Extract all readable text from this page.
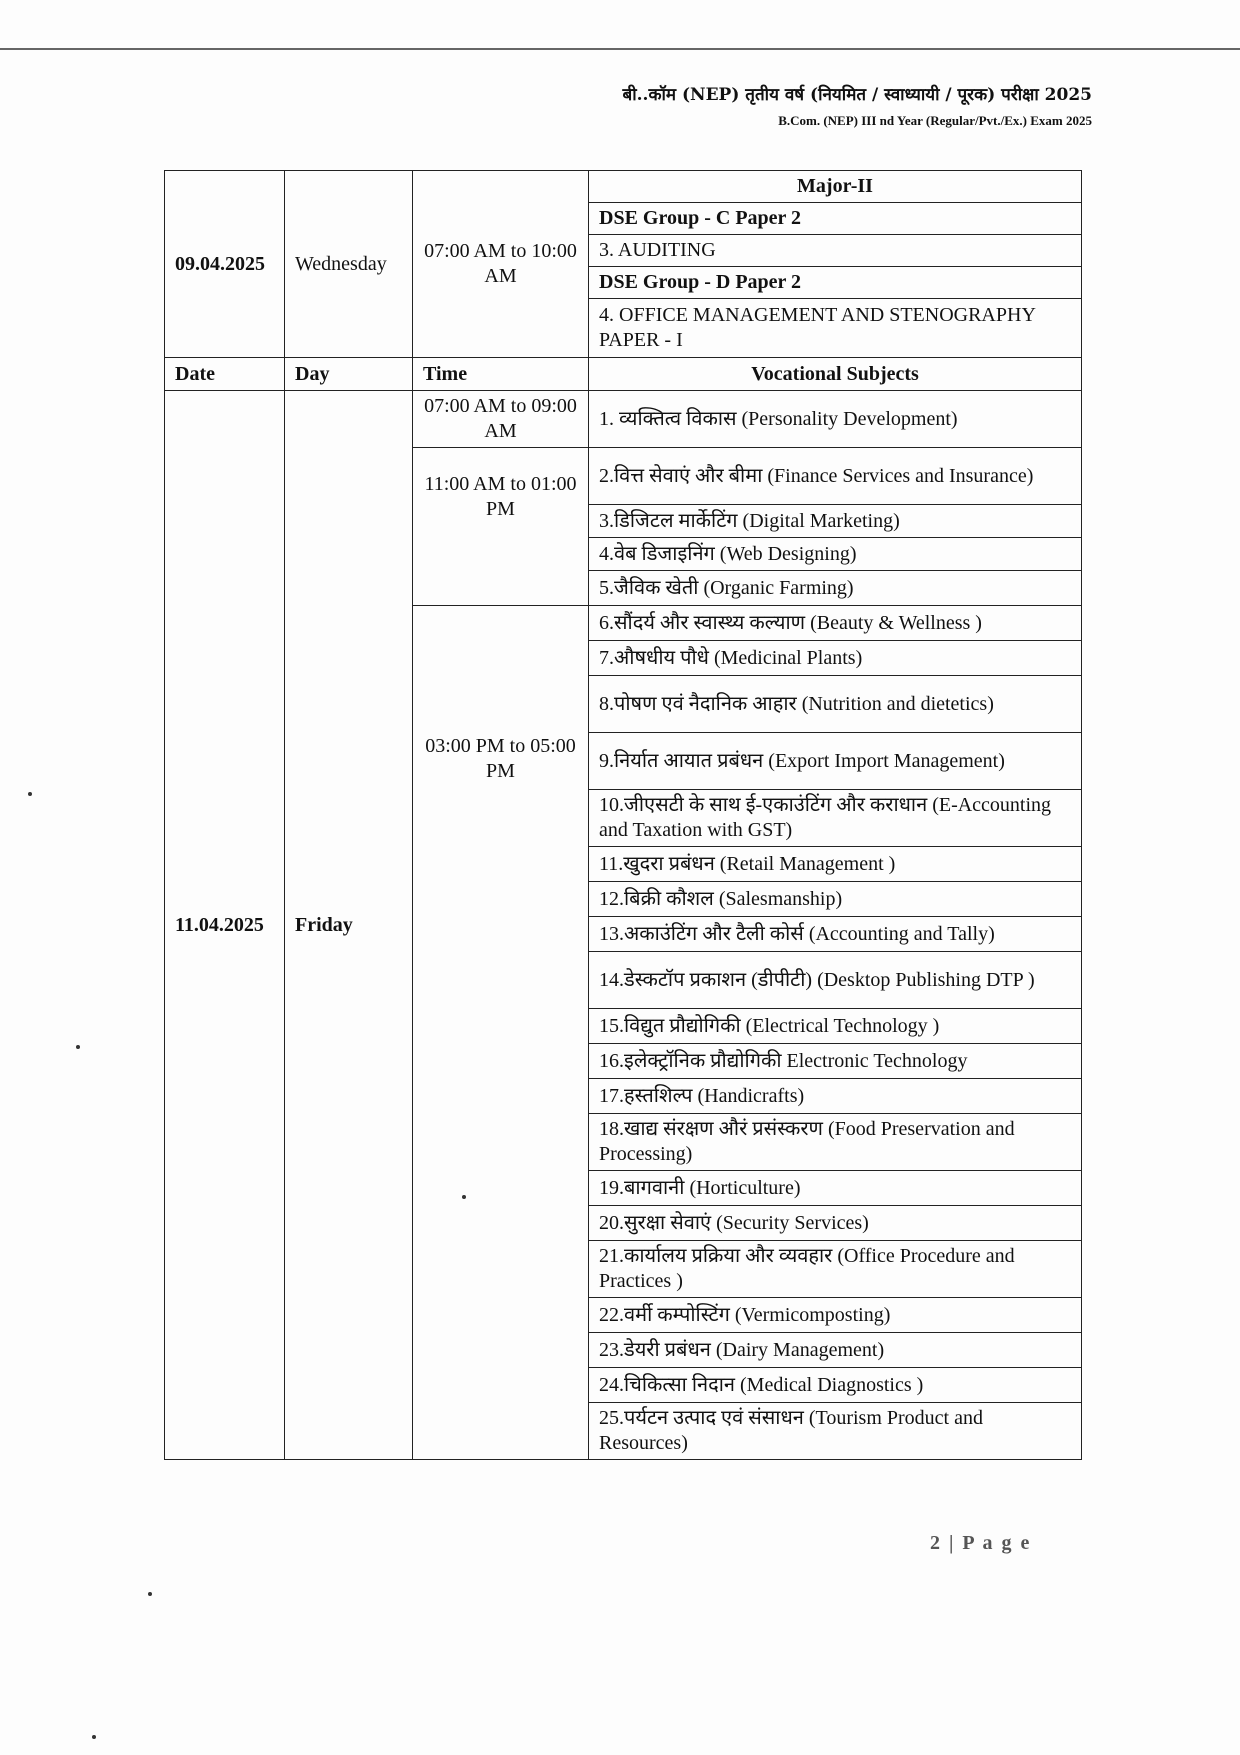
बी..कॉम (NEP) तृतीय वर्ष (नियमित / स्वाध्यायी / पूरक) परीक्षा 2025
B.Com. (NEP) III nd Year (Regular/Pvt./Ex.) Exam 2025
09.04.2025	Wednesday	07:00 AM to 10:00 AM	Major-II
			DSE Group - C Paper 2
			3. AUDITING
			DSE Group - D Paper 2
			4. OFFICE MANAGEMENT AND STENOGRAPHY PAPER - I
Date	Day	Time	Vocational Subjects
11.04.2025	Friday	07:00 AM to 09:00 AM	1. व्यक्तित्व विकास (Personality Development)
		11:00 AM to 01:00 PM	2.वित्त सेवाएं और बीमा (Finance Services and Insurance)
			3.डिजिटल मार्केटिंग (Digital Marketing)
			4.वेब डिजाइनिंग (Web Designing)
			5.जैविक खेती (Organic Farming)
		03:00 PM to 05:00 PM	6.सौंदर्य और स्वास्थ्य कल्याण (Beauty & Wellness )
			7.औषधीय पौधे (Medicinal Plants)
			8.पोषण एवं नैदानिक आहार (Nutrition and dietetics)
			9.निर्यात आयात प्रबंधन (Export Import Management)
			10.जीएसटी के साथ ई-एकाउंटिंग और कराधान (E-Accounting and Taxation with GST)
			11.खुदरा प्रबंधन (Retail Management )
			12.बिक्री कौशल (Salesmanship)
			13.अकाउंटिंग और टैली कोर्स (Accounting and Tally)
			14.डेस्कटॉप प्रकाशन (डीपीटी) (Desktop Publishing DTP )
			15.विद्युत प्रौद्योगिकी (Electrical Technology )
			16.इलेक्ट्रॉनिक प्रौद्योगिकी Electronic Technology
			17.हस्तशिल्प (Handicrafts)
			18.खाद्य संरक्षण औरं प्रसंस्करण (Food Preservation and Processing)
			19.बागवानी (Horticulture)
			20.सुरक्षा सेवाएं (Security Services)
			21.कार्यालय प्रक्रिया और व्यवहार (Office Procedure and Practices )
			22.वर्मी कम्पोस्टिंग (Vermicomposting)
			23.डेयरी प्रबंधन (Dairy Management)
			24.चिकित्सा निदान (Medical Diagnostics )
			25.पर्यटन उत्पाद एवं संसाधन (Tourism Product and Resources)
2 | P a g e
